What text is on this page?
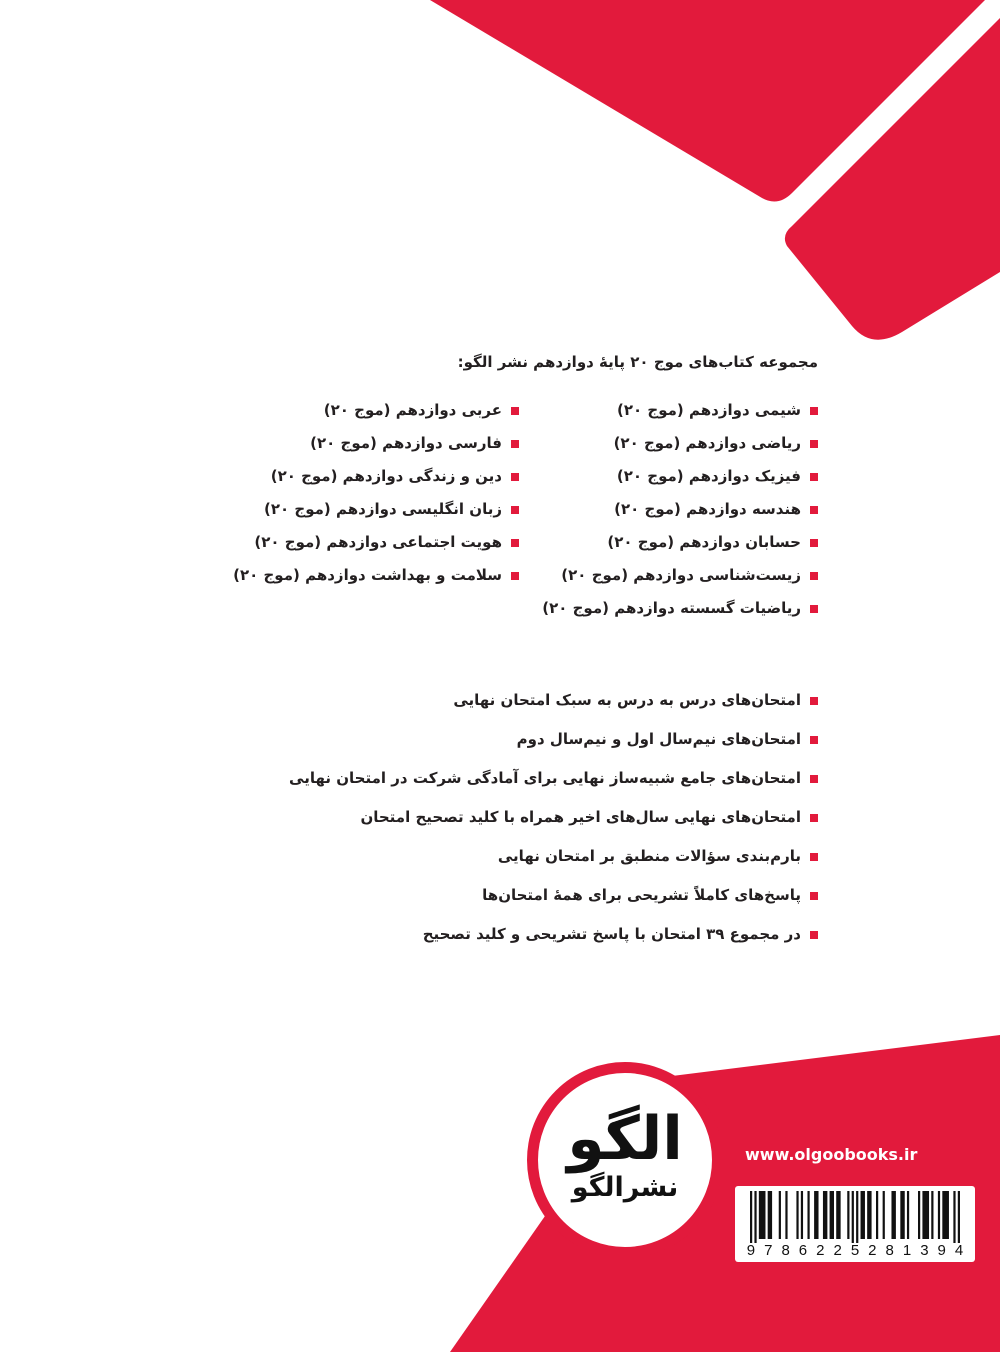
مجموعه کتاب‌های موج ۲۰ پایهٔ دوازدهم نشر الگو:
شیمی دوازدهم (موج ۲۰)
ریاضی دوازدهم (موج ۲۰)
فیزیک دوازدهم (موج ۲۰)
هندسه دوازدهم (موج ۲۰)
حسابان دوازدهم (موج ۲۰)
زیست‌شناسی دوازدهم (موج ۲۰)
ریاضیات گسسته دوازدهم (موج ۲۰)
عربی دوازدهم (موج ۲۰)
فارسی دوازدهم (موج ۲۰)
دین و زندگی دوازدهم (موج ۲۰)
زبان انگلیسی دوازدهم (موج ۲۰)
هویت اجتماعی دوازدهم (موج ۲۰)
سلامت و بهداشت دوازدهم (موج ۲۰)
امتحان‌های درس به درس به سبک امتحان نهایی
امتحان‌های نیم‌سال اول و نیم‌سال دوم
امتحان‌های جامع شبیه‌ساز نهایی برای آمادگی شرکت در امتحان نهایی
امتحان‌های نهایی سال‌های اخیر همراه با کلید تصحیح امتحان
بارم‌بندی سؤالات منطبق بر امتحان نهایی
پاسخ‌های کاملاً تشریحی برای همهٔ امتحان‌ها
در مجموع ۳۹ امتحان با پاسخ تشریحی و کلید تصحیح
الگو
نشرالگو
www.olgoobooks.ir
9786225281394
